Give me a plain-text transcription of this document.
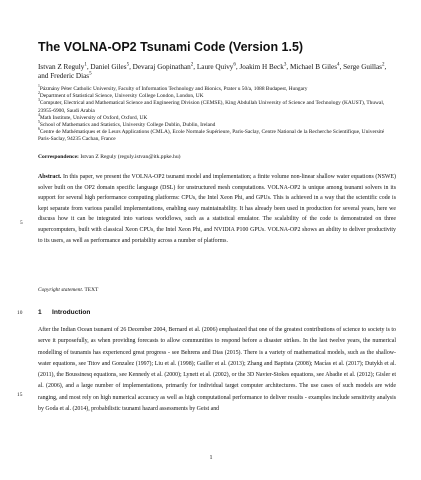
The VOLNA-OP2 Tsunami Code (Version 1.5)
Istvan Z Reguly$^1$, Daniel Giles$^5$, Devaraj Gopinathan$^2$, Laure Quivy$^6$, Joakim H Beck$^3$, Michael B Giles$^4$, Serge Guillas$^2$, and Frederic Dias$^5$
$^1$Pázmány Péter Catholic University, Faculty of Information Technology and Bionics, Prater u 50/a, 1088 Budapest, Hungary
$^2$Department of Statistical Science, University College London, London, UK
$^3$Computer, Electrical and Mathematical Science and Engineering Division (CEMSE), King Abdullah University of Science and Technology (KAUST), Thuwal, 23955-6900, Saudi Arabia
$^4$Math Institute, University of Oxford, Oxford, UK
$^5$School of Mathematics and Statistics, University College Dublin, Dublin, Ireland
$^6$Centre de Mathématiques et de Leurs Applications (CMLA), Ecole Normale Supérieure, Paris-Saclay, Centre National de la Recherche Scientifique, Université Paris-Saclay, 94235 Cachan, France
Correspondence: Istvan Z Reguly (reguly.istvan@itk.ppke.hu)
Abstract. In this paper, we present the VOLNA-OP2 tsunami model and implementation; a finite volume non-linear shallow water equations (NSWE) solver built on the OP2 domain specific language (DSL) for unstructured mesh computations. VOLNA-OP2 is unique among tsunami solvers in its support for several high performance computing platforms: CPUs, the Intel Xeon Phi, and GPUs. This is achieved in a way that the scientific code is kept separate from various parallel implementations, enabling easy maintainability. It has already been used in production for several years, here we discuss how it can be integrated into various workflows, such as a statistical emulator. The scalability of the code is demonstrated on three supercomputers, built with classical Xeon CPUs, the Intel Xeon Phi, and NVIDIA P100 GPUs. VOLNA-OP2 shows an ability to deliver productivity to its users, as well as performance and portability across a number of platforms.
5
Copyright statement. TEXT
10 1 Introduction
After the Indian Ocean tsunami of 26 December 2004, Bernard et al. (2006) emphasized that one of the greatest contributions of science to society is to serve it purposefully, as when providing forecasts to allow communities to respond before a disaster strikes. In the last twelve years, the numerical modelling of tsunamis has experienced great progress - see Behrens and Dias (2015). There is a variety of mathematical models, such as the shallow-water equations, see Titov and Gonzalez (1997); Liu et al. (1998); Gailler et al. (2013); Zhang and Baptista (2008); Macías et al. (2017); Dutykh et al. (2011), the Boussinesq equations, see Kennedy et al. (2000); Lynett et al. (2002), or the 3D Navier-Stokes equations, see Abadie et al. (2012); Gisler et al. (2006), and a large number of implementations, primarily for individual target computer architectures. The use cases of such models are wide ranging, and most rely on high numerical accuracy as well as high computational performance to deliver results - examples include sensitivity analysis by Goda et al. (2014), probabilistic tsunami hazard assessments by Geist and
15
1
